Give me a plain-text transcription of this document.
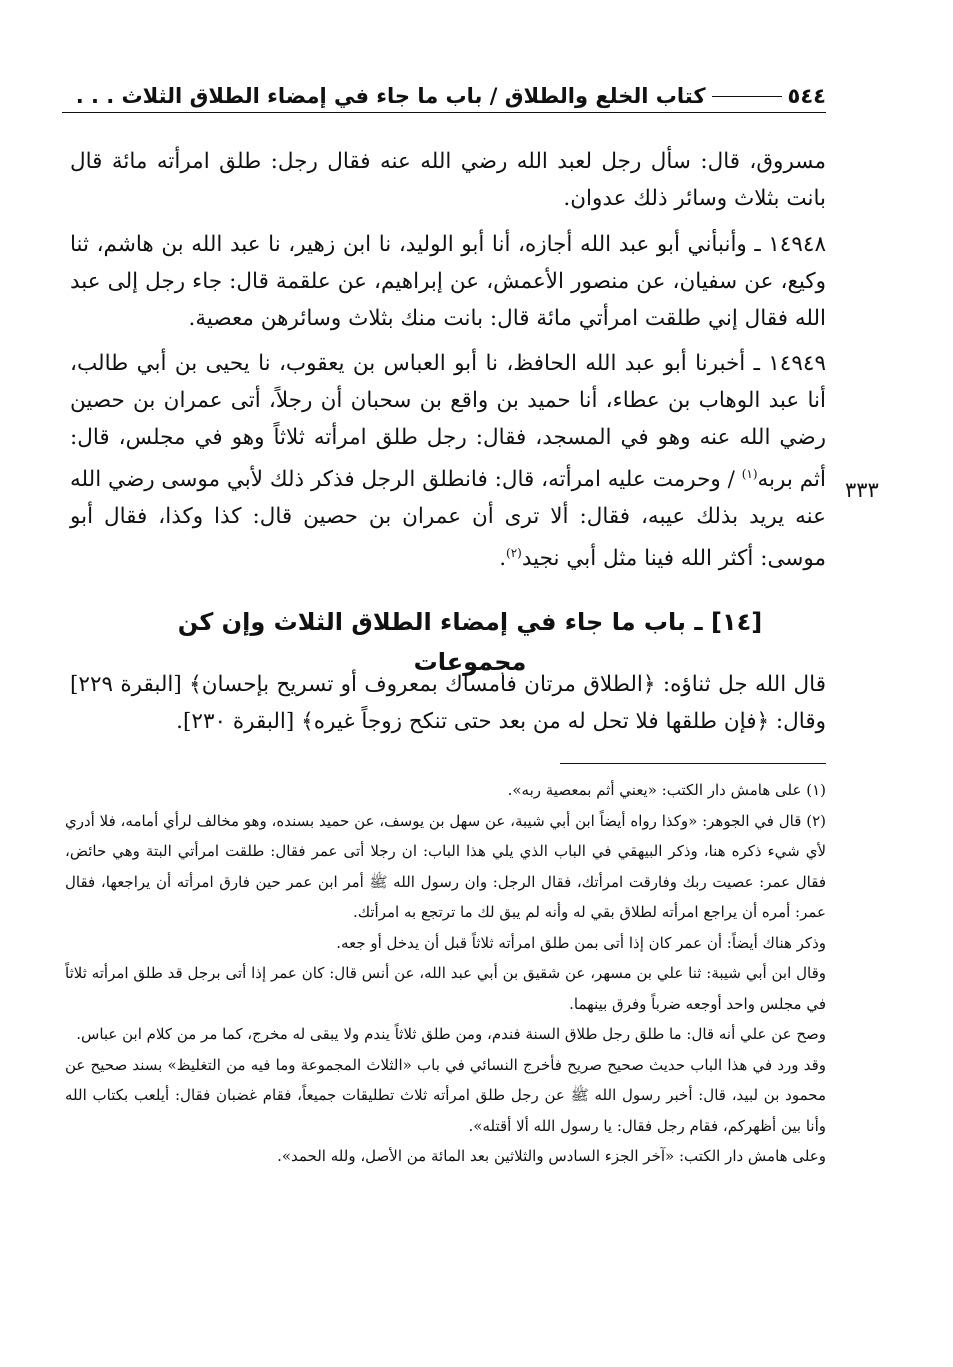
٥٤٤
كتاب الخلع والطلاق / باب ما جاء في إمضاء الطلاق الثلاث . . .

مسروق، قال: سأل رجل لعبد الله رضي الله عنه فقال رجل: طلق امرأته مائة قال بانت بثلاث وسائر ذلك عدوان.

١٤٩٤٨ ـ وأنبأني أبو عبد الله أجازه، أنا أبو الوليد، نا ابن زهير، نا عبد الله بن هاشم، ثنا وكيع، عن سفيان، عن منصور الأعمش، عن إبراهيم، عن علقمة قال: جاء رجل إلى عبد الله فقال إني طلقت امرأتي مائة قال: بانت منك بثلاث وسائرهن معصية.

١٤٩٤٩ ـ أخبرنا أبو عبد الله الحافظ، نا أبو العباس بن يعقوب، نا يحيى بن أبي طالب، أنا عبد الوهاب بن عطاء، أنا حميد بن واقع بن سحبان أن رجلاً، أتى عمران بن حصين رضي الله عنه وهو في المسجد، فقال: رجل طلق امرأته ثلاثاً وهو في مجلس، قال: أثم بربه$^{(١)}$ / وحرمت عليه امرأته، قال: فانطلق الرجل فذكر ذلك لأبي موسى رضي الله عنه يريد بذلك عيبه، فقال: ألا ترى أن عمران بن حصين قال: كذا وكذا، فقال أبو موسى: أكثر الله فينا مثل أبي نجيد$^{(٢)}$.

٣٣٣
[١٤] ـ باب ما جاء في إمضاء الطلاق الثلاث وإن كن مجموعات

قال الله جل ثناؤه: ﴿الطلاق مرتان فامساك بمعروف أو تسريح بإحسان﴾ [البقرة ٢٢٩] وقال: ﴿فإن طلقها فلا تحل له من بعد حتى تنكح زوجاً غيره﴾ [البقرة ٢٣٠].

(١) على هامش دار الكتب: «يعني أثم بمعصية ربه».

(٢) قال في الجوهر: «وكذا رواه أيضاً ابن أبي شيبة، عن سهل بن يوسف، عن حميد بسنده، وهو مخالف لرأي أمامه، فلا أدري لأي شيء ذكره هنا، وذكر البيهقي في الباب الذي يلي هذا الباب: ان رجلا أتى عمر فقال: طلقت امرأتي البتة وهي حائض، فقال عمر: عصيت ربك وفارقت امرأتك، فقال الرجل: وان رسول الله ﷺ أمر ابن عمر حين فارق امرأته أن يراجعها، فقال عمر: أمره أن يراجع امرأته لطلاق بقي له وأنه لم يبق لك ما ترتجع به امرأتك.

وذكر هناك أيضاً: أن عمر كان إذا أتى بمن طلق امرأته ثلاثاً قبل أن يدخل أو جعه.

وقال ابن أبي شيبة: ثنا علي بن مسهر، عن شقيق بن أبي عبد الله، عن أنس قال: كان عمر إذا أتى برجل قد طلق امرأته ثلاثاً في مجلس واحد أوجعه ضرباً وفرق بينهما.

وصح عن علي أنه قال: ما طلق رجل طلاق السنة فندم، ومن طلق ثلاثاً يندم ولا يبقى له مخرج، كما مر من كلام ابن عباس.

وقد ورد في هذا الباب حديث صحيح صريح فأخرج النسائي في باب «الثلاث المجموعة وما فيه من التغليظ» بسند صحيح عن محمود بن لبيد، قال: أخبر رسول الله ﷺ عن رجل طلق امرأته ثلاث تطليقات جميعاً، فقام غضبان فقال: أيلعب بكتاب الله وأنا بين أظهركم، فقام رجل فقال: يا رسول الله ألا أقتله».

وعلى هامش دار الكتب: «آخر الجزء السادس والثلاثين بعد المائة من الأصل، ولله الحمد».
